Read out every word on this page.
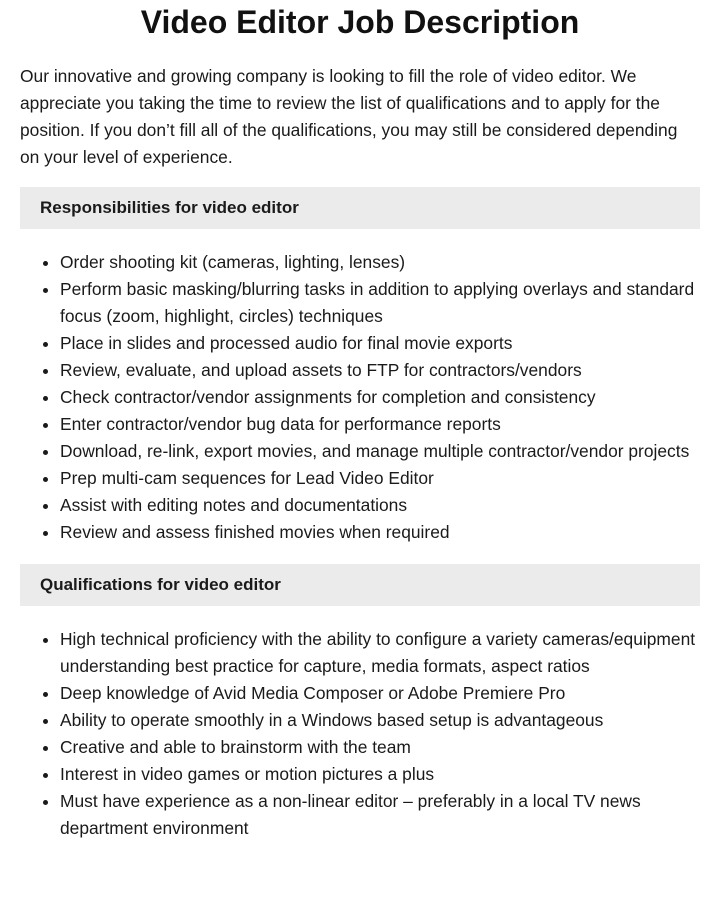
Video Editor Job Description

Our innovative and growing company is looking to fill the role of video editor. We appreciate you taking the time to review the list of qualifications and to apply for the position. If you don’t fill all of the qualifications, you may still be considered depending on your level of experience.

Responsibilities for video editor
• Order shooting kit (cameras, lighting, lenses)
• Perform basic masking/blurring tasks in addition to applying overlays and standard focus (zoom, highlight, circles) techniques
• Place in slides and processed audio for final movie exports
• Review, evaluate, and upload assets to FTP for contractors/vendors
• Check contractor/vendor assignments for completion and consistency
• Enter contractor/vendor bug data for performance reports
• Download, re-link, export movies, and manage multiple contractor/vendor projects
• Prep multi-cam sequences for Lead Video Editor
• Assist with editing notes and documentations
• Review and assess finished movies when required
Qualifications for video editor
• High technical proficiency with the ability to configure a variety cameras/equipment understanding best practice for capture, media formats, aspect ratios
• Deep knowledge of Avid Media Composer or Adobe Premiere Pro
• Ability to operate smoothly in a Windows based setup is advantageous
• Creative and able to brainstorm with the team
• Interest in video games or motion pictures a plus
• Must have experience as a non-linear editor – preferably in a local TV news department environment
